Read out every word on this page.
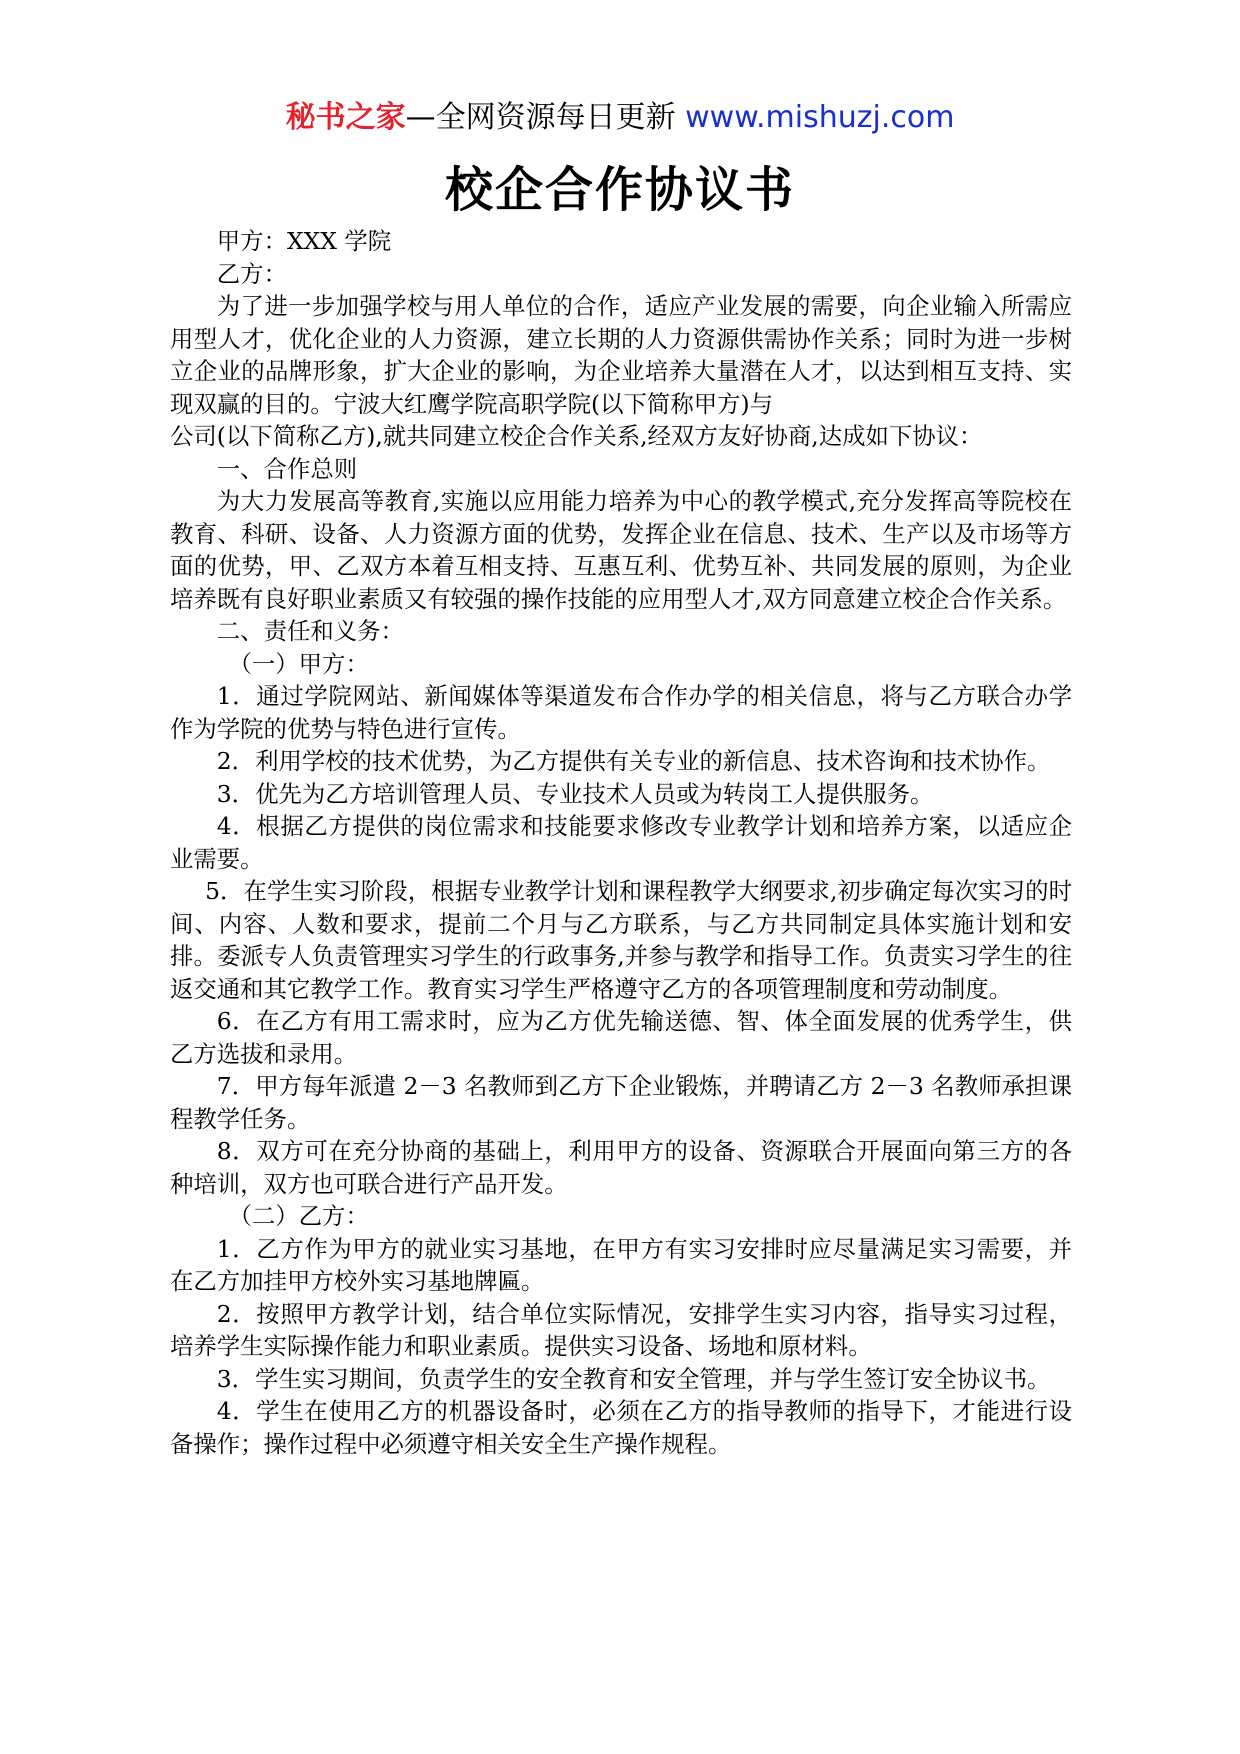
秘书之家—全网资源每日更新 www.mishuzj.com
校企合作协议书

甲方：XXX 学院

乙方：

为了进一步加强学校与用人单位的合作，适应产业发展的需要，向企业输入所需应用型人才，优化企业的人力资源，建立长期的人力资源供需协作关系；同时为进一步树立企业的品牌形象，扩大企业的影响，为企业培养大量潜在人才，以达到相互支持、实现双赢的目的。宁波大红鹰学院高职学院(以下简称甲方)与

公司(以下简称乙方),就共同建立校企合作关系,经双方友好协商,达成如下协议：

一、合作总则

为大力发展高等教育,实施以应用能力培养为中心的教学模式,充分发挥高等院校在教育、科研、设备、人力资源方面的优势，发挥企业在信息、技术、生产以及市场等方面的优势，甲、乙双方本着互相支持、互惠互利、优势互补、共同发展的原则，为企业培养既有良好职业素质又有较强的操作技能的应用型人才,双方同意建立校企合作关系。

二、责任和义务：

（一）甲方：

1．通过学院网站、新闻媒体等渠道发布合作办学的相关信息，将与乙方联合办学作为学院的优势与特色进行宣传。

2．利用学校的技术优势，为乙方提供有关专业的新信息、技术咨询和技术协作。

3．优先为乙方培训管理人员、专业技术人员或为转岗工人提供服务。

4．根据乙方提供的岗位需求和技能要求修改专业教学计划和培养方案，以适应企业需要。

5．在学生实习阶段，根据专业教学计划和课程教学大纲要求,初步确定每次实习的时间、内容、人数和要求，提前二个月与乙方联系，与乙方共同制定具体实施计划和安排。委派专人负责管理实习学生的行政事务,并参与教学和指导工作。负责实习学生的往返交通和其它教学工作。教育实习学生严格遵守乙方的各项管理制度和劳动制度。

6．在乙方有用工需求时，应为乙方优先输送德、智、体全面发展的优秀学生，供乙方选拔和录用。

7．甲方每年派遣 2－3 名教师到乙方下企业锻炼，并聘请乙方 2－3 名教师承担课程教学任务。

8．双方可在充分协商的基础上，利用甲方的设备、资源联合开展面向第三方的各种培训，双方也可联合进行产品开发。

（二）乙方：

1．乙方作为甲方的就业实习基地，在甲方有实习安排时应尽量满足实习需要，并在乙方加挂甲方校外实习基地牌匾。

2．按照甲方教学计划，结合单位实际情况，安排学生实习内容，指导实习过程，培养学生实际操作能力和职业素质。提供实习设备、场地和原材料。

3．学生实习期间，负责学生的安全教育和安全管理，并与学生签订安全协议书。

4．学生在使用乙方的机器设备时，必须在乙方的指导教师的指导下，才能进行设备操作；操作过程中必须遵守相关安全生产操作规程。
